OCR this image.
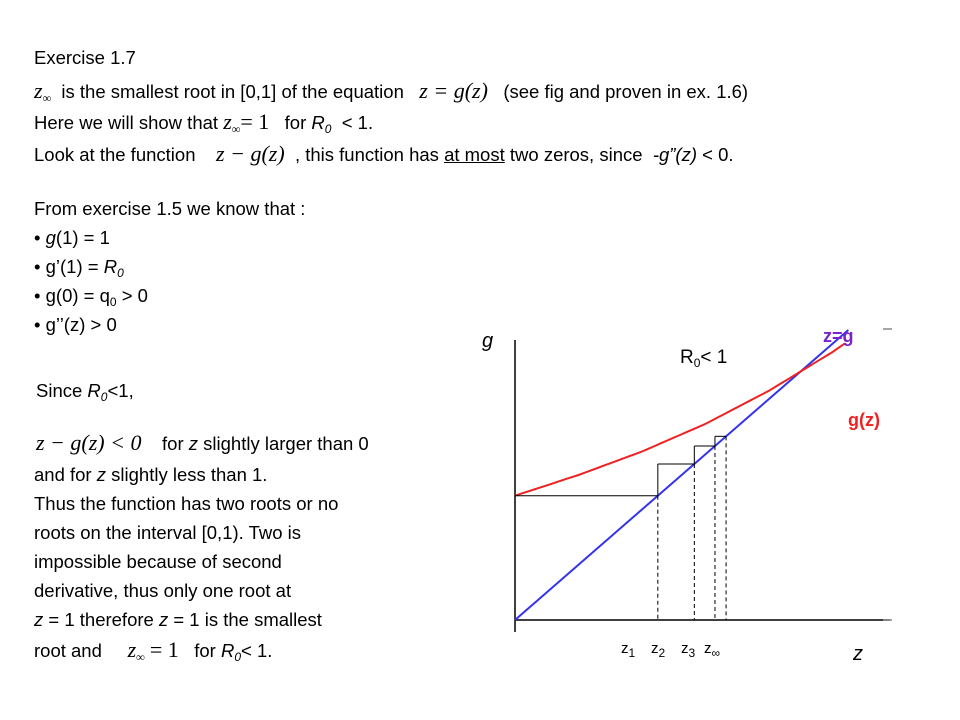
Exercise 1.7
$z_\infty$ is the smallest root in [0,1] of the equation z = g(z) (see fig and proven in ex. 1.6)
Here we will show that $z_\infty= 1$ for $R_0 < 1$.
Look at the function z − g(z) , this function has at most two zeros, since -g”(z) < 0.
From exercise 1.5 we know that :
• g(1) = 1
• g’(1) = $R_0$
• $g(0) = q_0 > 0$
• g’’(z) > 0
Since $R_0<1$,
z − g(z) < 0 for z slightly larger than 0
and for z slightly less than 1.
Thus the function has two roots or no
roots on the interval [0,1). Two is
impossible because of second
derivative, thus only one root at
z = 1 therefore z = 1 is the smallest
root and $z_\infty = 1$ for $R_0< 1$.
g
z
$R_0< 1$
z=g
g(z)
$z_1$ $z_2$ $z_3$ $z_\infty$
